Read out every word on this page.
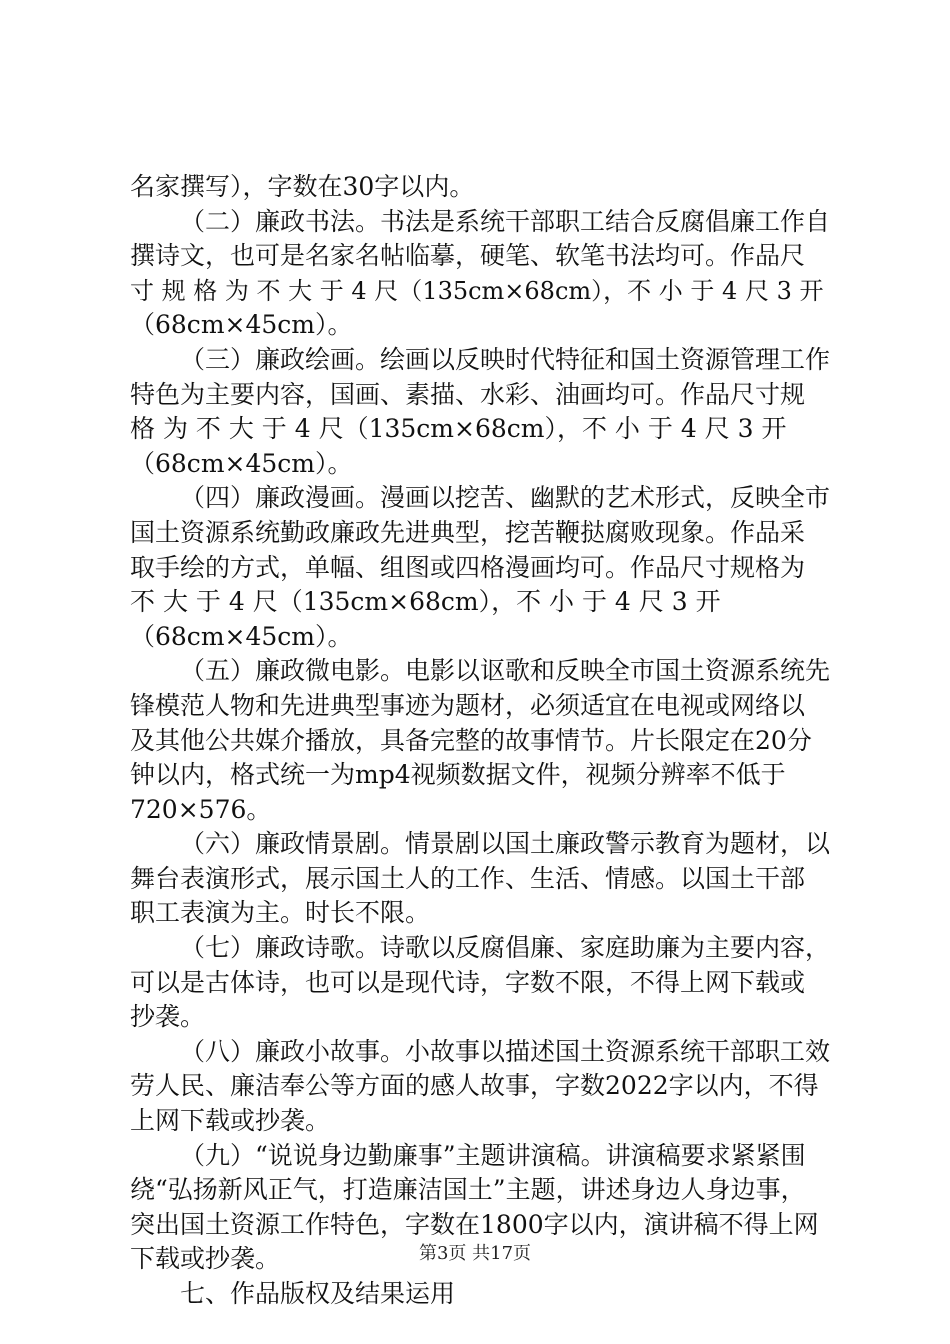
名家撰写），字数在30字以内。

（二）廉政书法。书法是系统干部职工结合反腐倡廉工作自

撰诗文，也可是名家名帖临摹，硬笔、软笔书法均可。作品尺

寸 规 格 为 不 大 于 4 尺（135cm×68cm），不 小 于 4 尺 3 开

（68cm×45cm）。

（三）廉政绘画。绘画以反映时代特征和国土资源管理工作

特色为主要内容，国画、素描、水彩、油画均可。作品尺寸规

格 为 不 大 于 4 尺（135cm×68cm），不 小 于 4 尺 3 开

（68cm×45cm）。

（四）廉政漫画。漫画以挖苦、幽默的艺术形式，反映全市

国土资源系统勤政廉政先进典型，挖苦鞭挞腐败现象。作品采

取手绘的方式，单幅、组图或四格漫画均可。作品尺寸规格为

不 大 于 4 尺（135cm×68cm），不 小 于 4 尺 3 开

（68cm×45cm）。

（五）廉政微电影。电影以讴歌和反映全市国土资源系统先

锋模范人物和先进典型事迹为题材，必须适宜在电视或网络以

及其他公共媒介播放，具备完整的故事情节。片长限定在20分

钟以内，格式统一为mp4视频数据文件，视频分辨率不低于

720×576。

（六）廉政情景剧。情景剧以国土廉政警示教育为题材，以

舞台表演形式，展示国土人的工作、生活、情感。以国土干部

职工表演为主。时长不限。

（七）廉政诗歌。诗歌以反腐倡廉、家庭助廉为主要内容，

可以是古体诗，也可以是现代诗，字数不限，不得上网下载或

抄袭。

（八）廉政小故事。小故事以描述国土资源系统干部职工效

劳人民、廉洁奉公等方面的感人故事，字数2022字以内，不得

上网下载或抄袭。

（九）“说说身边勤廉事”主题讲演稿。讲演稿要求紧紧围

绕“弘扬新风正气，打造廉洁国土”主题，讲述身边人身边事，

突出国土资源工作特色，字数在1800字以内，演讲稿不得上网

下载或抄袭。

七、作品版权及结果运用

第3页 共17页
